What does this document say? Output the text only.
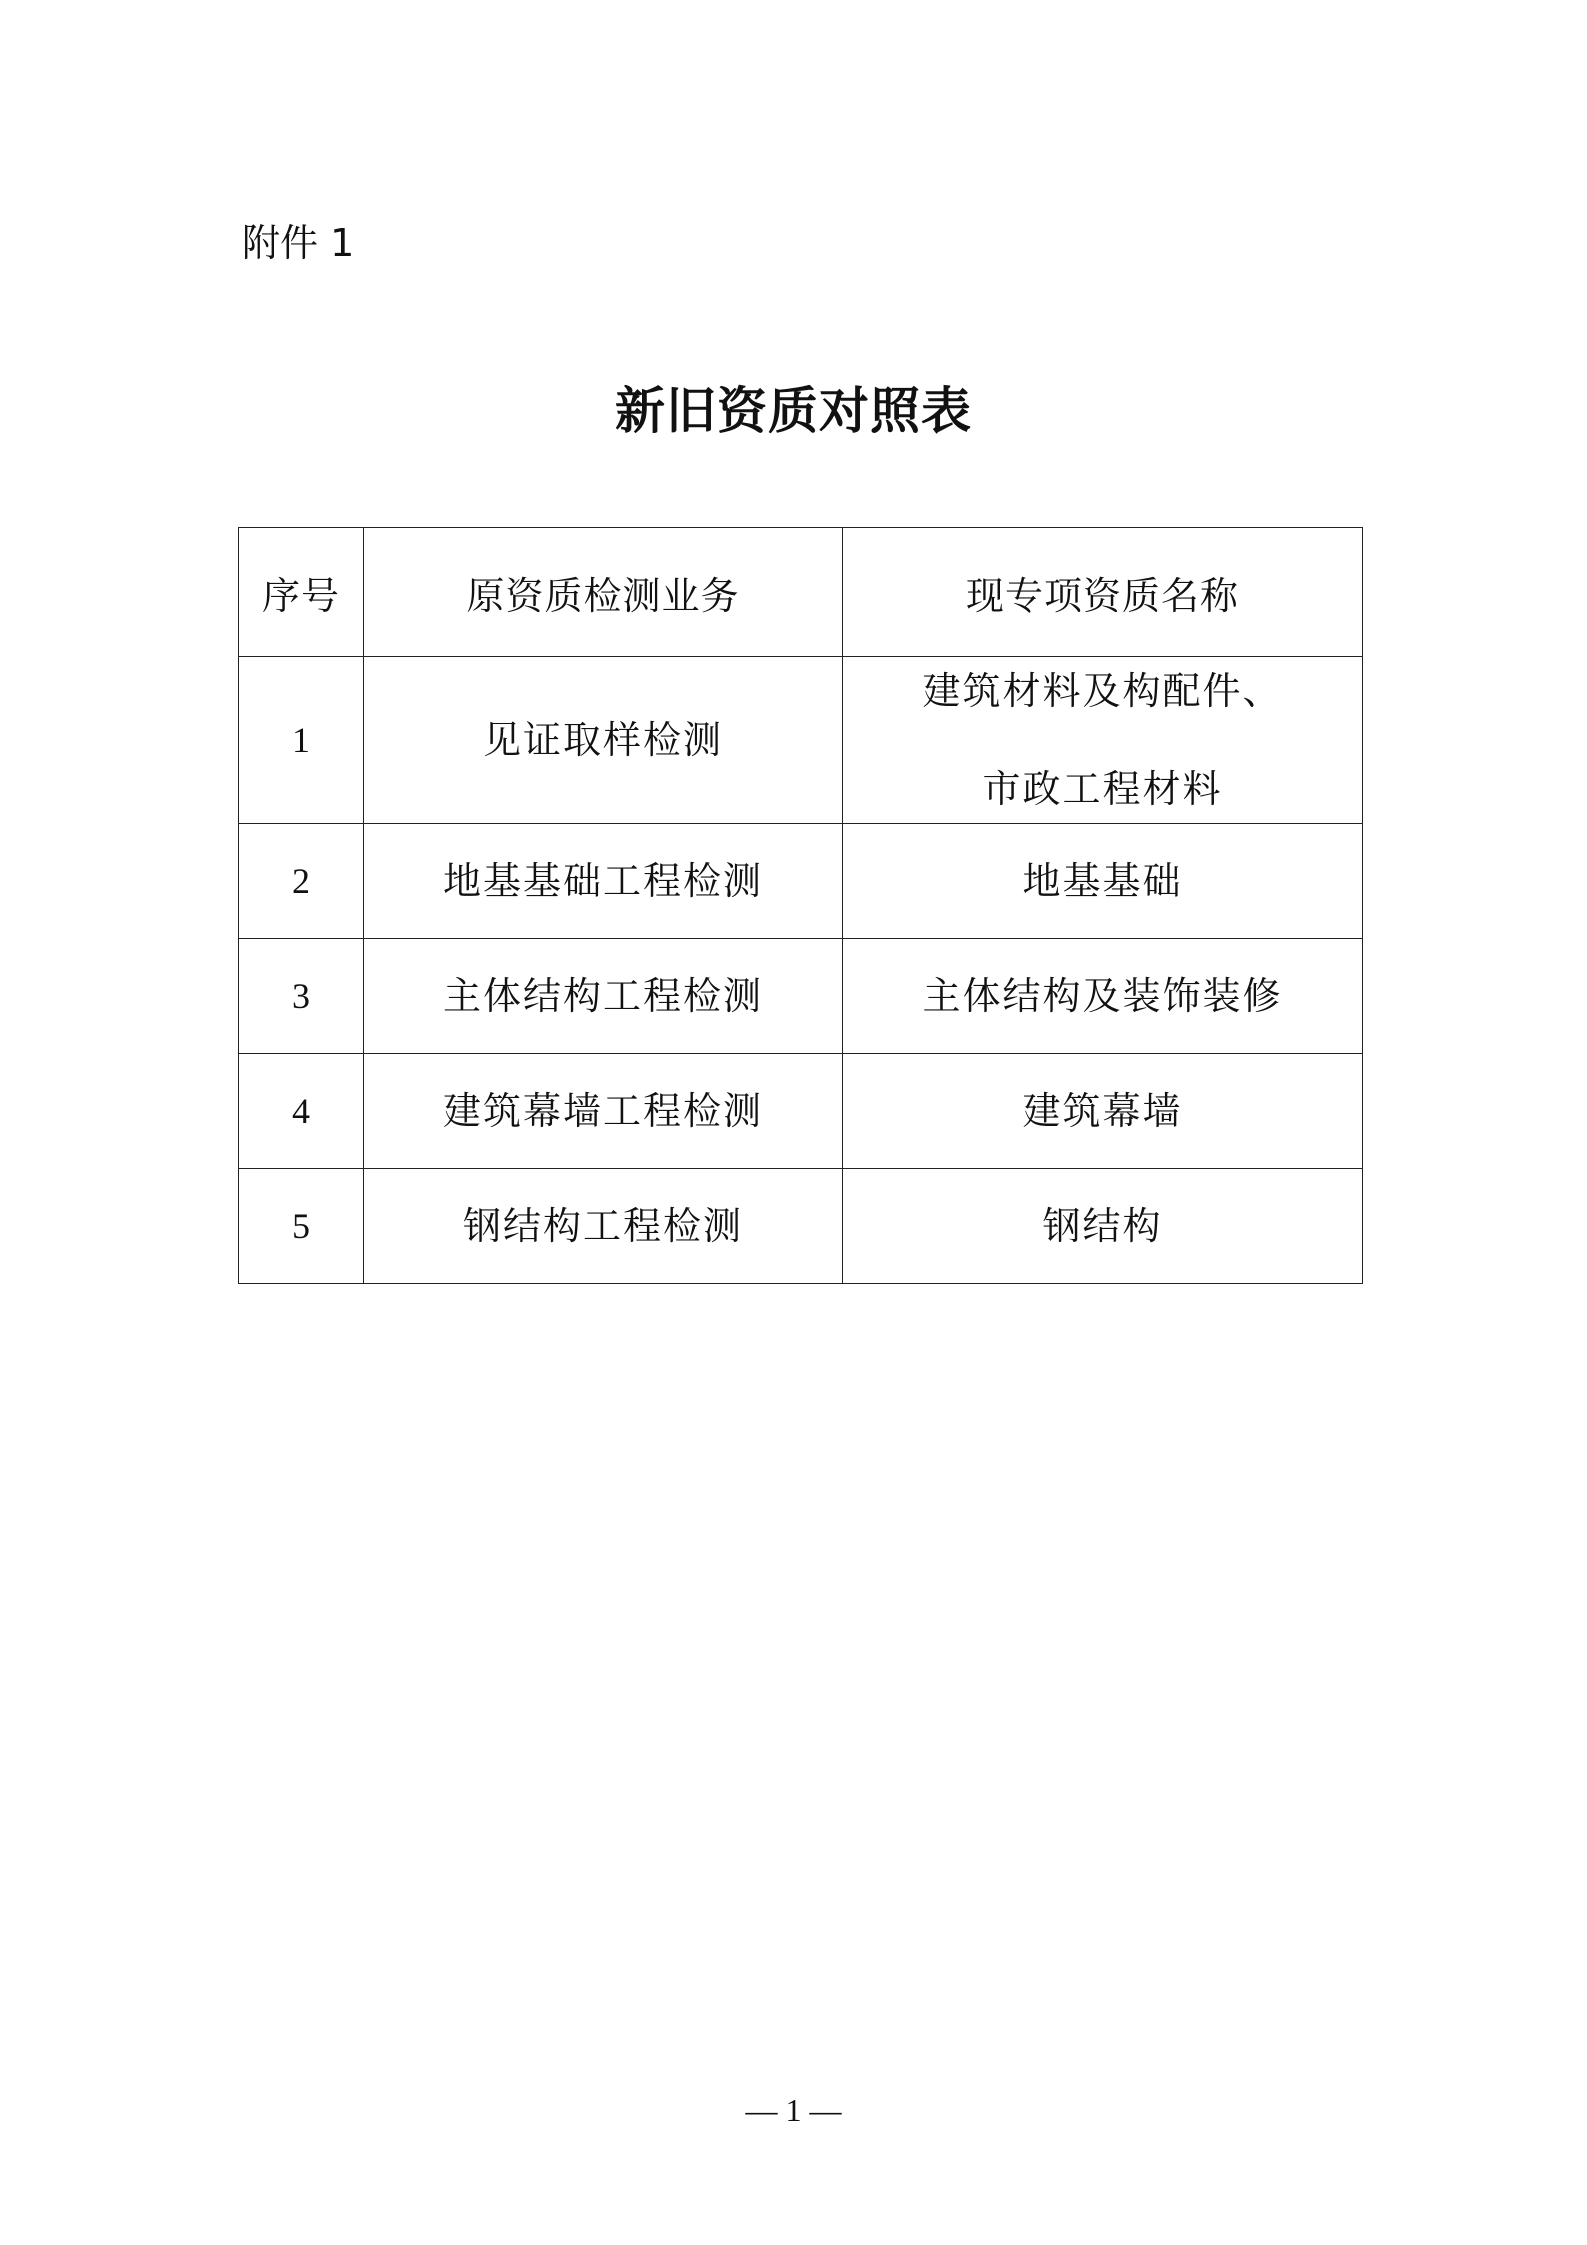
附件 1
新旧资质对照表
序号	原资质检测业务	现专项资质名称
1	见证取样检测	建筑材料及构配件、
市政工程材料

2	地基基础工程检测	地基基础
3	主体结构工程检测	主体结构及装饰装修
4	建筑幕墙工程检测	建筑幕墙
5	钢结构工程检测	钢结构
— 1 —
